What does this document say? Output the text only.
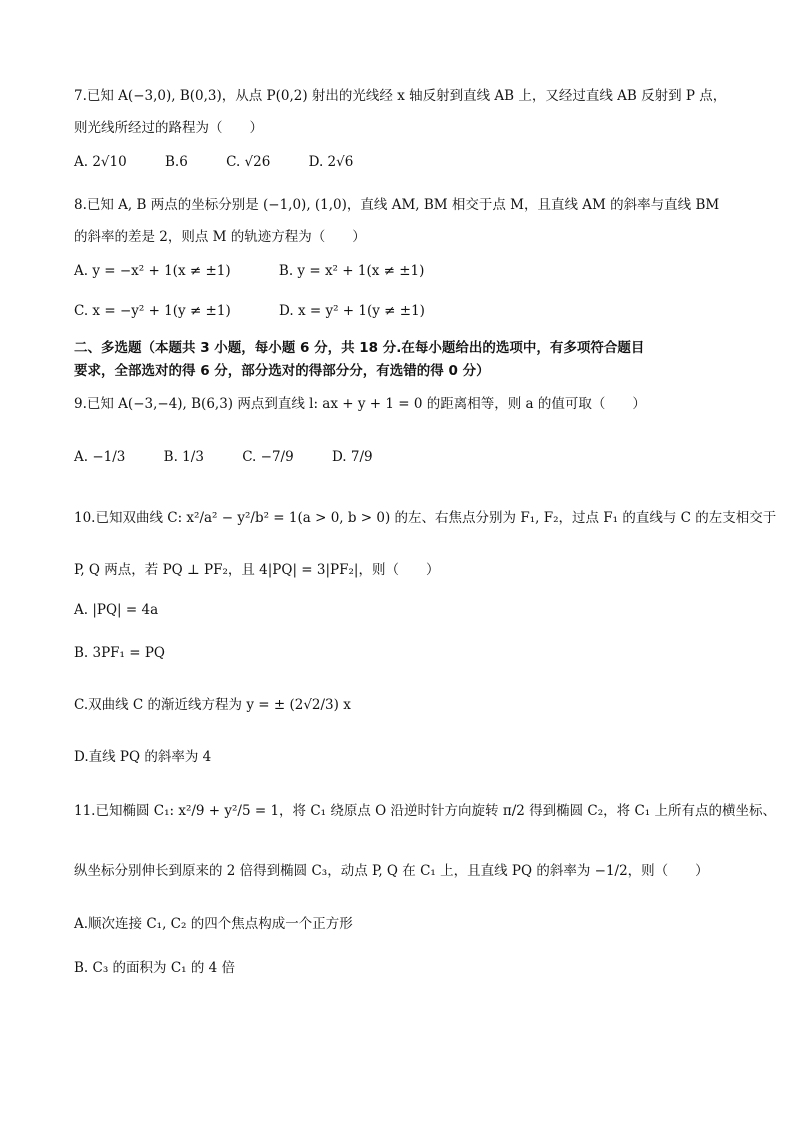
7.已知 A(−3,0), B(0,3)，从点 P(0,2) 射出的光线经 x 轴反射到直线 AB 上，又经过直线 AB 反射到 P 点，
则光线所经过的路程为（　　）
A. 2√10	B.6	C. √26	D. 2√6
8.已知 A, B 两点的坐标分别是 (−1,0), (1,0)，直线 AM, BM 相交于点 M，且直线 AM 的斜率与直线 BM
的斜率的差是 2，则点 M 的轨迹方程为（　　）
A. y = −x² + 1(x ≠ ±1)	B. y = x² + 1(x ≠ ±1)
C. x = −y² + 1(y ≠ ±1)	D. x = y² + 1(y ≠ ±1)
二、多选题（本题共 3 小题，每小题 6 分，共 18 分.在每小题给出的选项中，有多项符合题目
要求，全部选对的得 6 分，部分选对的得部分分，有选错的得 0 分）
9.已知 A(−3,−4), B(6,3) 两点到直线 l: ax + y + 1 = 0 的距离相等，则 a 的值可取（　　）
A. −1/3	B. 1/3	C. −7/9	D. 7/9
10.已知双曲线 C: x²/a² − y²/b² = 1(a > 0, b > 0) 的左、右焦点分别为 F₁, F₂，过点 F₁ 的直线与 C 的左支相交于
P, Q 两点，若 PQ ⊥ PF₂，且 4|PQ| = 3|PF₂|，则（　　）
A. |PQ| = 4a
B. 3PF₁ = PQ
C.双曲线 C 的渐近线方程为 y = ± (2√2/3) x
D.直线 PQ 的斜率为 4
11.已知椭圆 C₁: x²/9 + y²/5 = 1，将 C₁ 绕原点 O 沿逆时针方向旋转 π/2 得到椭圆 C₂，将 C₁ 上所有点的横坐标、
纵坐标分别伸长到原来的 2 倍得到椭圆 C₃，动点 P, Q 在 C₁ 上，且直线 PQ 的斜率为 −1/2，则（　　）
A.顺次连接 C₁, C₂ 的四个焦点构成一个正方形
B. C₃ 的面积为 C₁ 的 4 倍
